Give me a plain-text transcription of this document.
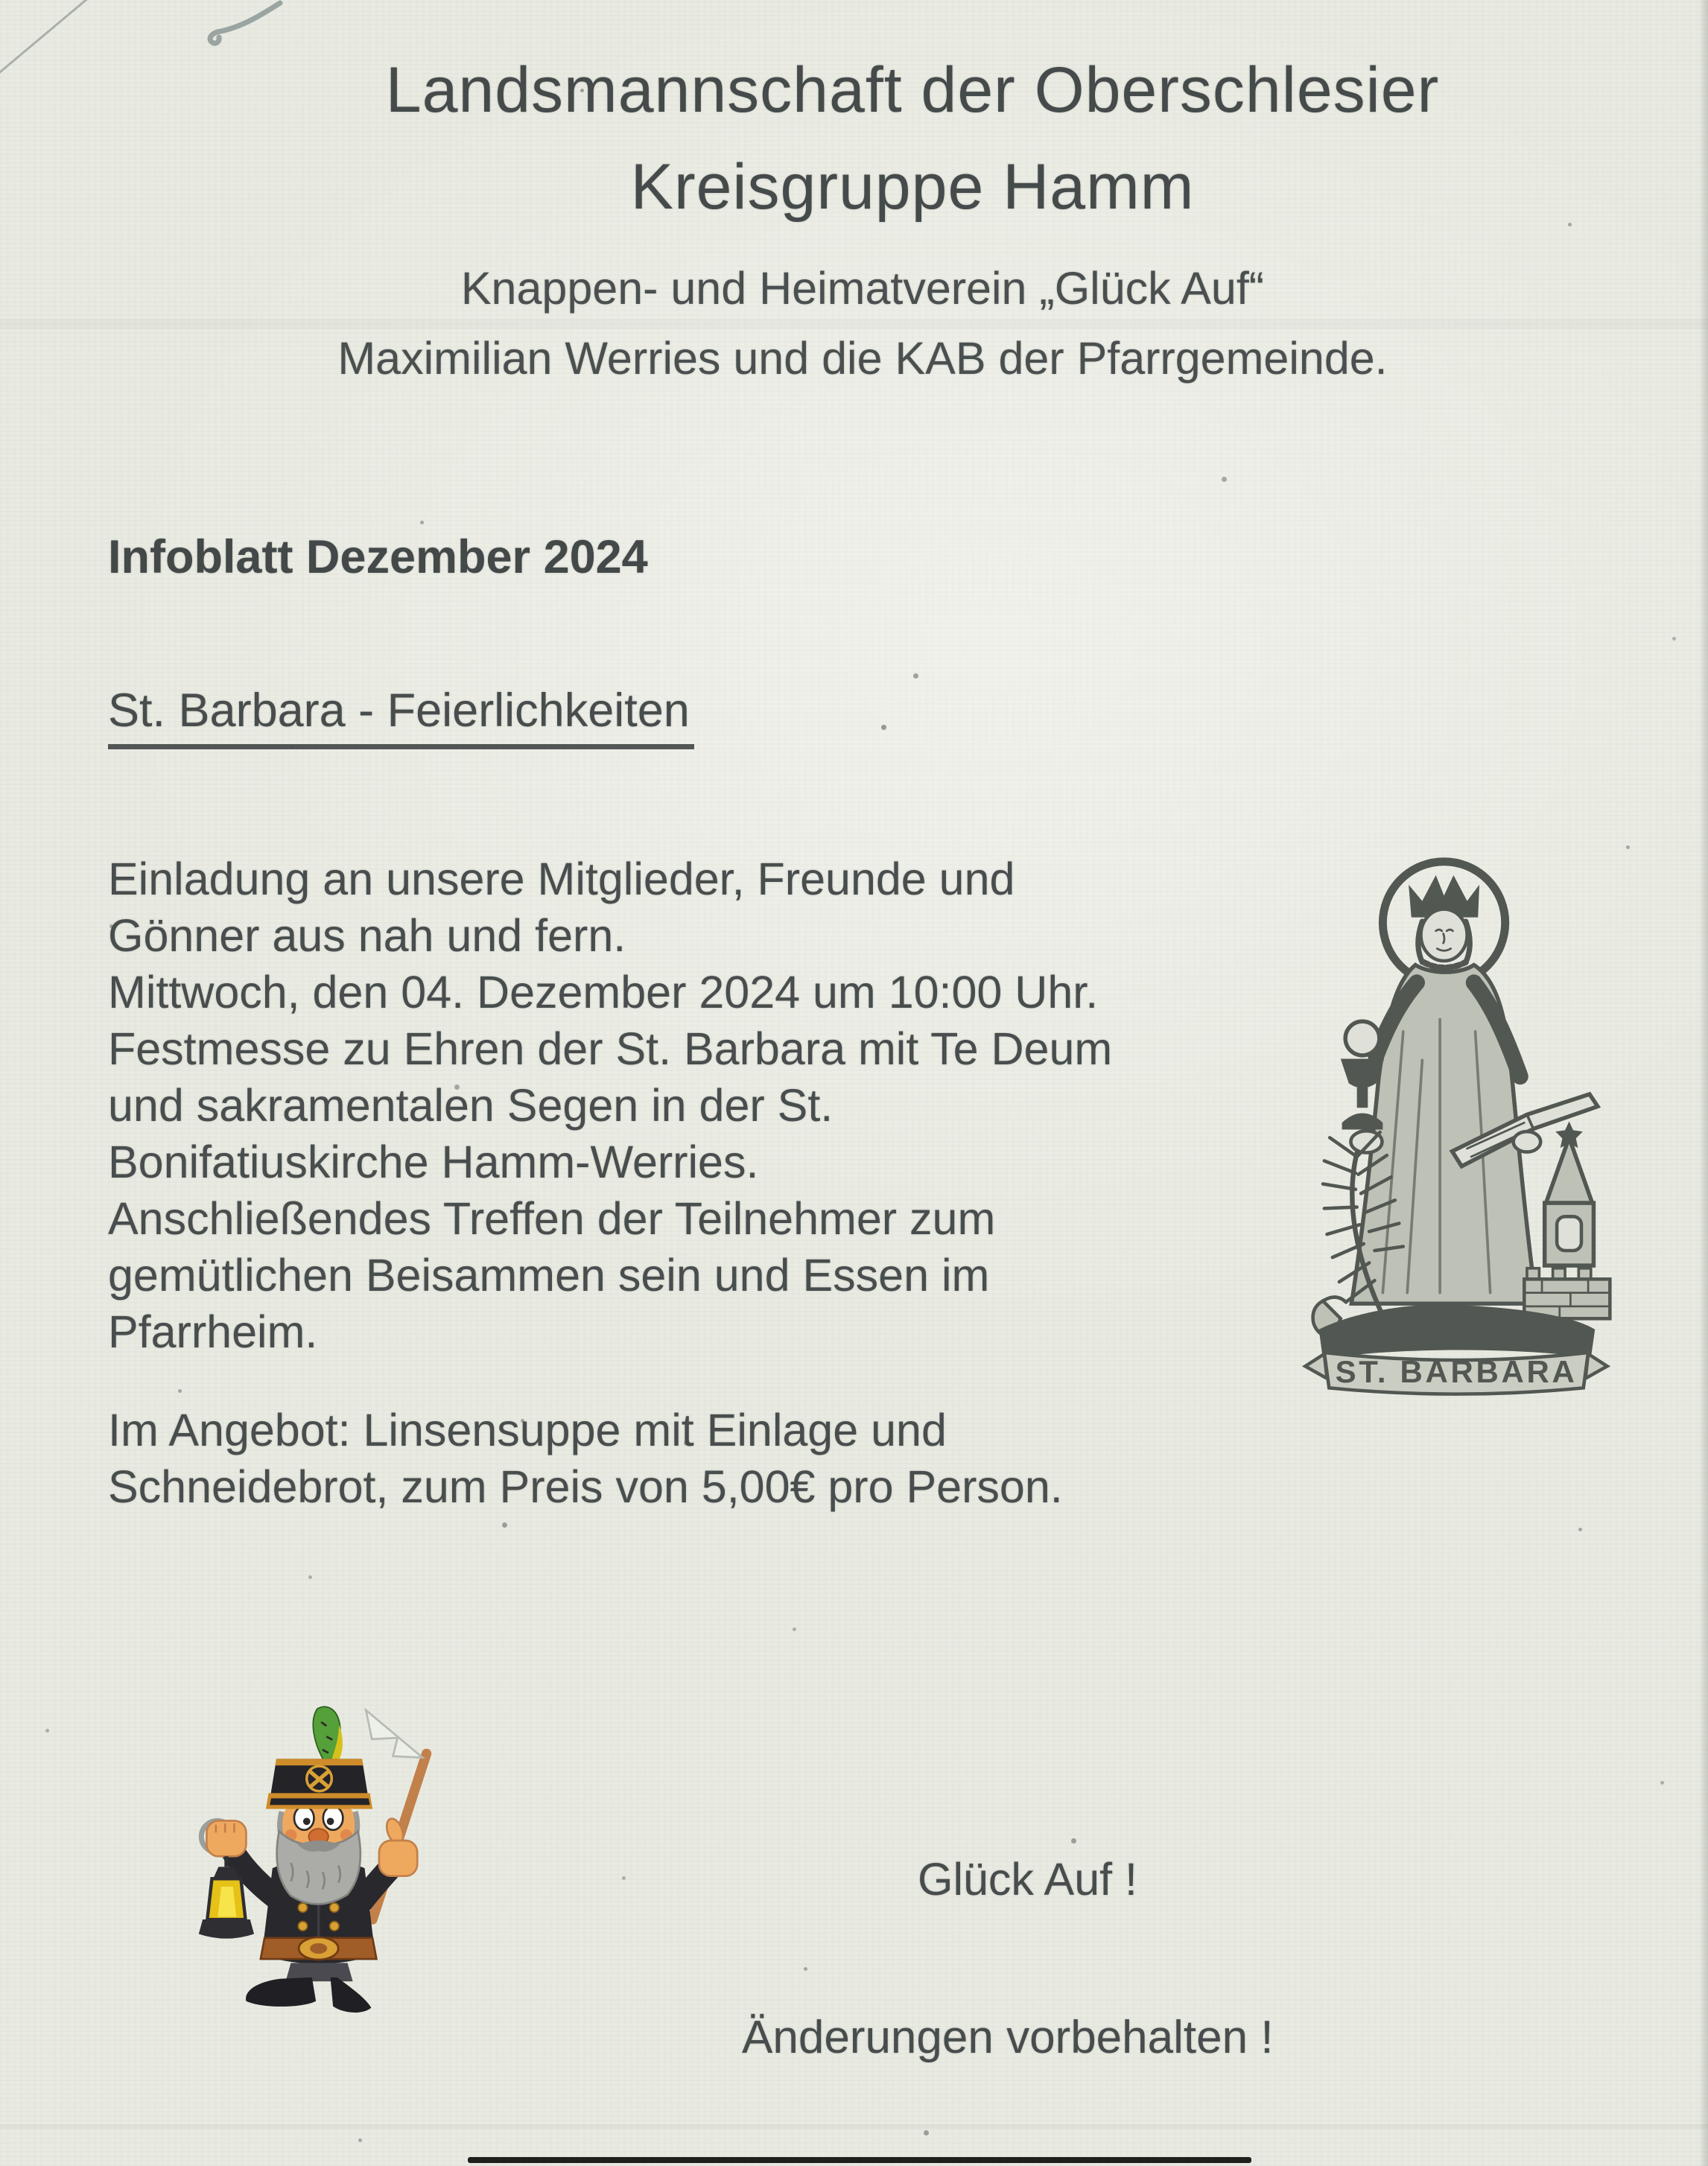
Landsmannschaft der Oberschlesier
Kreisgruppe Hamm
Knappen- und Heimatverein „Glück Auf“
Maximilian Werries und die KAB der Pfarrgemeinde.
Infoblatt Dezember 2024
St. Barbara - Feierlichkeiten
Einladung an unsere Mitglieder, Freunde und
Gönner aus nah und fern.
Mittwoch, den 04. Dezember 2024 um 10:00 Uhr.
Festmesse zu Ehren der St. Barbara mit Te Deum
und sakramentalen Segen in der St.
Bonifatiuskirche Hamm-Werries.
Anschließendes Treffen der Teilnehmer zum
gemütlichen Beisammen sein und Essen im
Pfarrheim.
Im Angebot: Linsensuppe mit Einlage und
Schneidebrot, zum Preis von 5,00€ pro Person.
ST. BARBARA
Glück Auf !
Änderungen vorbehalten !
